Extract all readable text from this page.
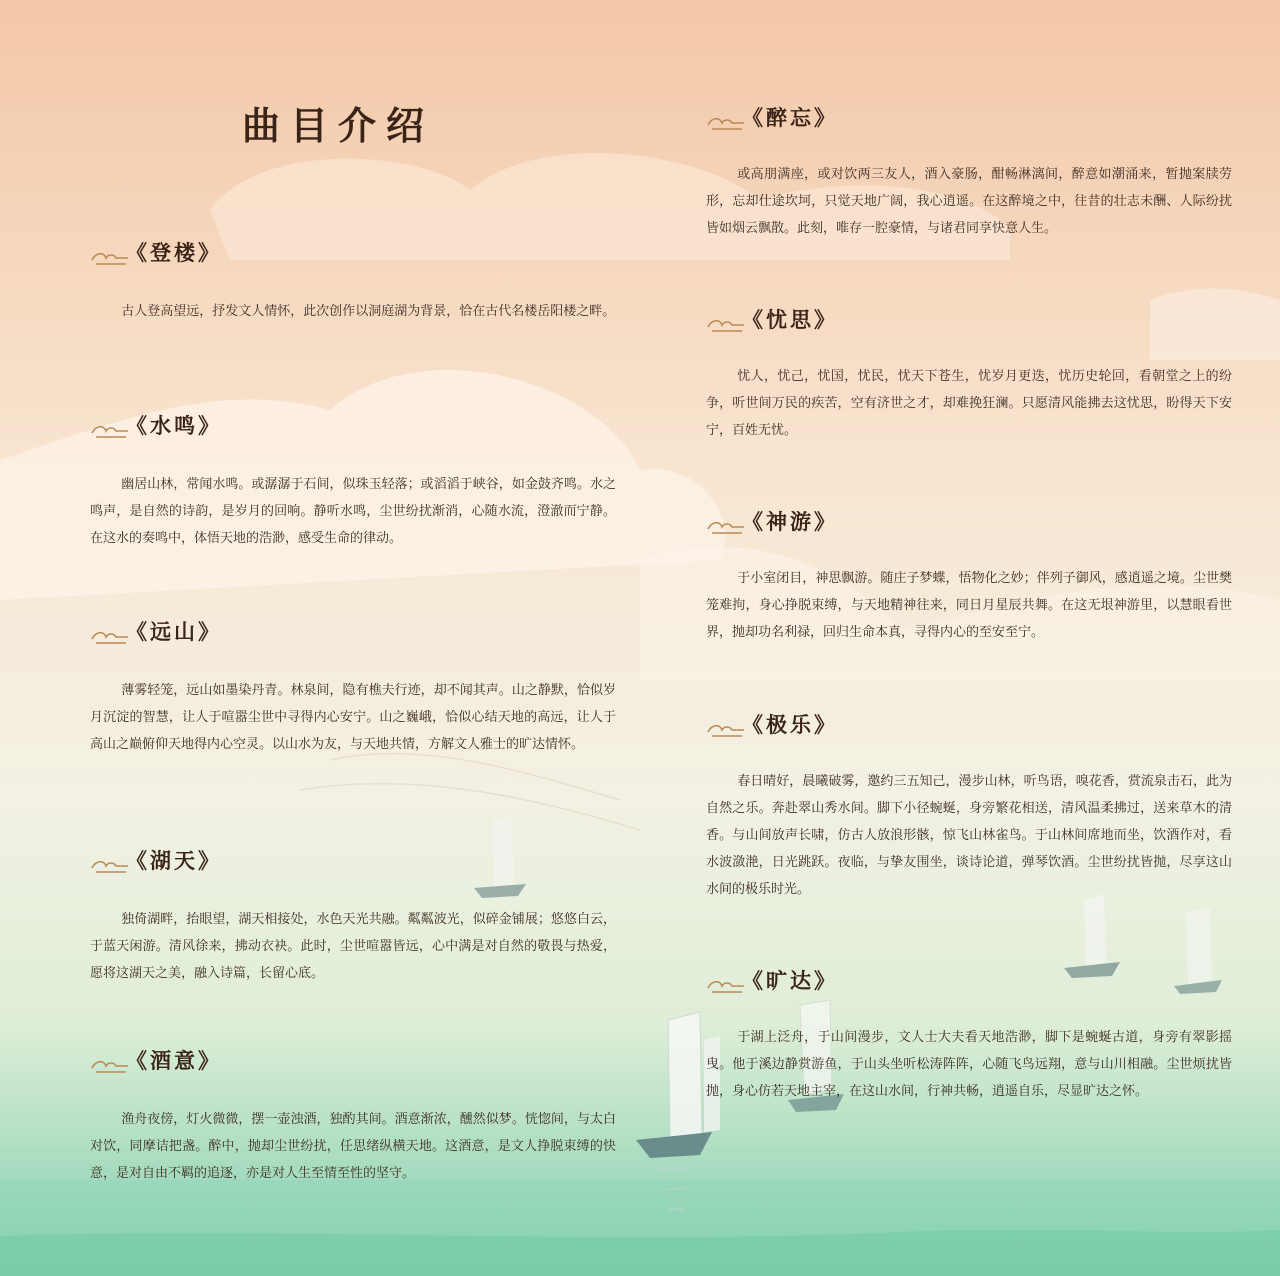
曲目介绍
《登楼》

古人登高望远，抒发文人情怀，此次创作以洞庭湖为背景，恰在古代名楼岳阳楼之畔。

《水鸣》

幽居山林，常闻水鸣。或潺潺于石间，似珠玉轻落；或滔滔于峡谷，如金鼓齐鸣。水之鸣声，是自然的诗韵，是岁月的回响。静听水鸣，尘世纷扰渐消，心随水流，澄澈而宁静。在这水的奏鸣中，体悟天地的浩渺，感受生命的律动。

《远山》

薄雾轻笼，远山如墨染丹青。林泉间，隐有樵夫行迹，却不闻其声。山之静默，恰似岁月沉淀的智慧，让人于喧嚣尘世中寻得内心安宁。山之巍峨，恰似心结天地的高远，让人于高山之巅俯仰天地得内心空灵。以山水为友，与天地共情，方解文人雅士的旷达情怀。

《湖天》

独倚湖畔，抬眼望，湖天相接处，水色天光共融。粼粼波光，似碎金铺展；悠悠白云，于蓝天闲游。清风徐来，拂动衣袂。此时，尘世喧嚣皆远，心中满是对自然的敬畏与热爱，愿将这湖天之美，融入诗篇，长留心底。

《酒意》

渔舟夜傍，灯火微微，摆一壶浊酒，独酌其间。酒意渐浓，醺然似梦。恍惚间，与太白对饮，同摩诘把盏。醉中，抛却尘世纷扰，任思绪纵横天地。这酒意，是文人挣脱束缚的快意，是对自由不羁的追逐，亦是对人生至情至性的坚守。

《醉忘》

或高朋满座，或对饮两三友人，酒入豪肠，酣畅淋漓间，醉意如潮涌来，暂抛案牍劳形，忘却仕途坎坷，只觉天地广阔，我心逍遥。在这醉境之中，往昔的壮志未酬、人际纷扰皆如烟云飘散。此刻，唯存一腔豪情，与诸君同享快意人生。

《忧思》

忧人，忧己，忧国，忧民，忧天下苍生，忧岁月更迭，忧历史轮回，看朝堂之上的纷争，听世间万民的疾苦，空有济世之才，却难挽狂澜。只愿清风能拂去这忧思，盼得天下安宁，百姓无忧。

《神游》

于小室闭目，神思飘游。随庄子梦蝶，悟物化之妙；伴列子御风，感逍遥之境。尘世樊笼难拘，身心挣脱束缚，与天地精神往来，同日月星辰共舞。在这无垠神游里，以慧眼看世界，抛却功名利禄，回归生命本真，寻得内心的至安至宁。

《极乐》

春日晴好，晨曦破雾，邀约三五知己，漫步山林，听鸟语，嗅花香，赏流泉击石，此为自然之乐。奔赴翠山秀水间。脚下小径蜿蜒，身旁繁花相送，清风温柔拂过，送来草木的清香。与山间放声长啸，仿古人放浪形骸，惊飞山林雀鸟。于山林间席地而坐，饮酒作对，看水波潋滟，日光跳跃。夜临，与挚友围坐，谈诗论道，弹琴饮酒。尘世纷扰皆抛，尽享这山水间的极乐时光。

《旷达》

于湖上泛舟，于山间漫步，文人士大夫看天地浩渺，脚下是蜿蜒古道，身旁有翠影摇曳。他于溪边静赏游鱼，于山头坐听松涛阵阵，心随飞鸟远翔，意与山川相融。尘世烦扰皆抛，身心仿若天地主宰，在这山水间，行神共畅，逍遥自乐，尽显旷达之怀。
